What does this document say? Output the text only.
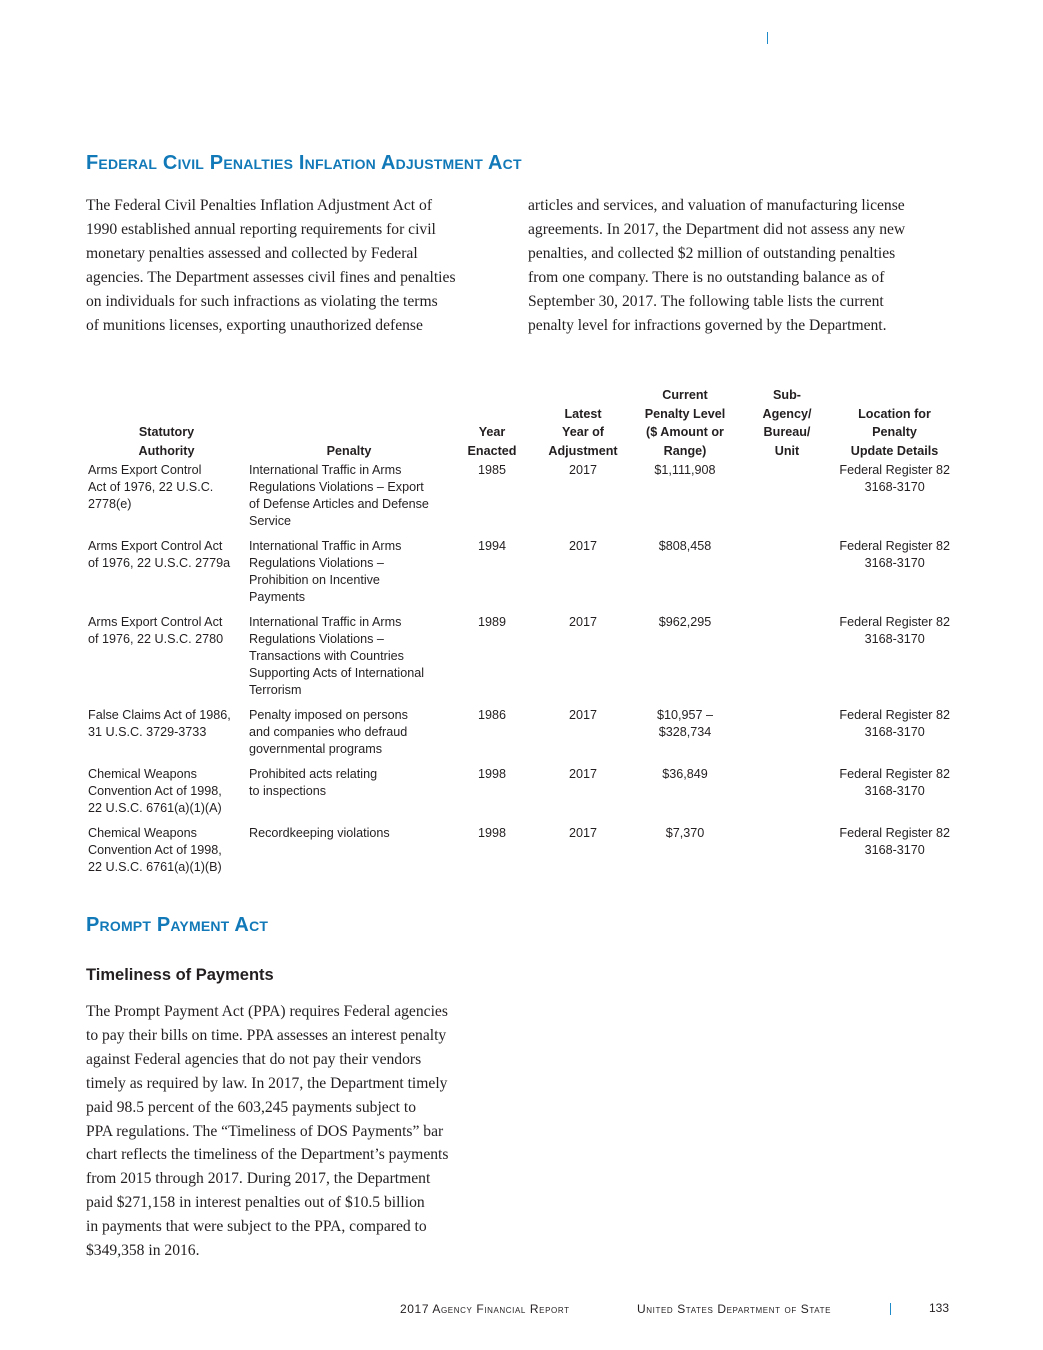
Federal Civil Penalties Inflation Adjustment Act

The Federal Civil Penalties Inflation Adjustment Act of
1990 established annual reporting requirements for civil
monetary penalties assessed and collected by Federal
agencies. The Department assesses civil fines and penalties
on individuals for such infractions as violating the terms
of munitions licenses, exporting unauthorized defense

articles and services, and valuation of manufacturing license
agreements. In 2017, the Department did not assess any new
penalties, and collected $2 million of outstanding penalties
from one company. There is no outstanding balance as of
September 30, 2017. The following table lists the current
penalty level for infractions governed by the Department.

Statutory
Authority	Penalty	Year
Enacted	Latest
Year of
Adjustment	Current
Penalty Level
($ Amount or
Range)	Sub-
Agency/
Bureau/
Unit	Location for
Penalty
Update Details

Arms Export Control
Act of 1976, 22 U.S.C.
2778(e)	International Traffic in Arms
Regulations Violations – Export
of Defense Articles and Defense
Service	1985	2017	$1,111,908		Federal Register 82
3168-3170

Arms Export Control Act
of 1976, 22 U.S.C. 2779a	International Traffic in Arms
Regulations Violations –
Prohibition on Incentive
Payments	1994	2017	$808,458		Federal Register 82
3168-3170

Arms Export Control Act
of 1976, 22 U.S.C. 2780	International Traffic in Arms
Regulations Violations –
Transactions with Countries
Supporting Acts of International
Terrorism	1989	2017	$962,295		Federal Register 82
3168-3170

False Claims Act of 1986,
31 U.S.C. 3729-3733	Penalty imposed on persons
and companies who defraud
governmental programs	1986	2017	$10,957 –
$328,734		Federal Register 82
3168-3170

Chemical Weapons
Convention Act of 1998,
22 U.S.C. 6761(a)(1)(A)	Prohibited acts relating
to inspections	1998	2017	$36,849		Federal Register 82
3168-3170

Chemical Weapons
Convention Act of 1998,
22 U.S.C. 6761(a)(1)(B)	Recordkeeping violations	1998	2017	$7,370		Federal Register 82
3168-3170
Prompt Payment Act
Timeliness of Payments

The Prompt Payment Act (PPA) requires Federal agencies
to pay their bills on time. PPA assesses an interest penalty
against Federal agencies that do not pay their vendors
timely as required by law. In 2017, the Department timely
paid 98.5 percent of the 603,245 payments subject to
PPA regulations. The “Timeliness of DOS Payments” bar
chart reflects the timeliness of the Department’s payments
from 2015 through 2017. During 2017, the Department
paid $271,158 in interest penalties out of $10.5 billion
in payments that were subject to the PPA, compared to
$349,358 in 2016.

2017 Agency Financial Report	United States Department of State	133
